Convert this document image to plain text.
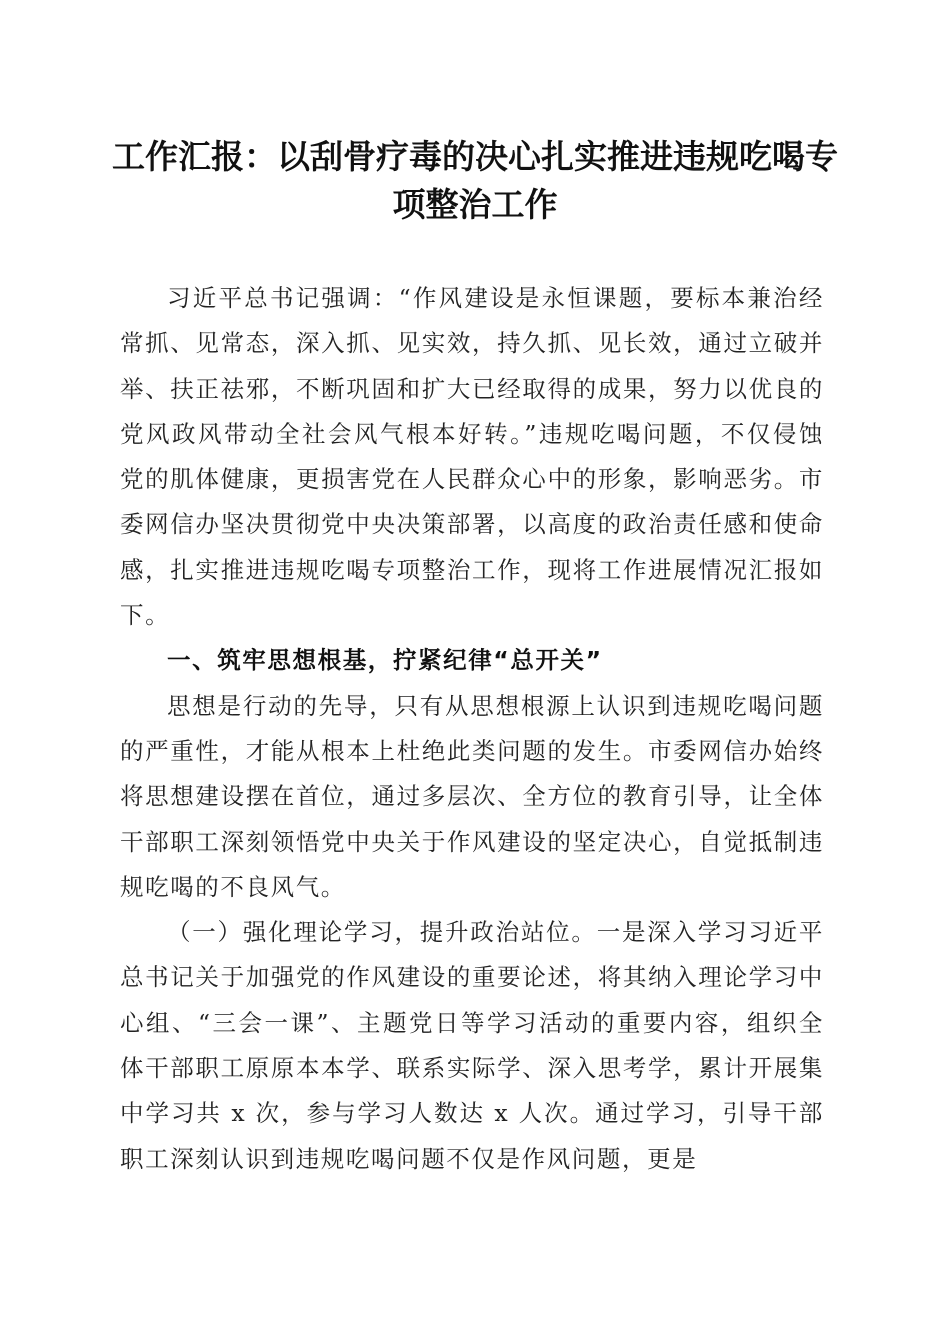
工作汇报：以刮骨疗毒的决心扎实推进违规吃喝专项整治工作

习近平总书记强调：“作风建设是永恒课题，要标本兼治经常抓、见常态，深入抓、见实效，持久抓、见长效，通过立破并举、扶正祛邪，不断巩固和扩大已经取得的成果，努力以优良的党风政风带动全社会风气根本好转。”违规吃喝问题，不仅侵蚀党的肌体健康，更损害党在人民群众心中的形象，影响恶劣。市委网信办坚决贯彻党中央决策部署，以高度的政治责任感和使命感，扎实推进违规吃喝专项整治工作，现将工作进展情况汇报如下。

一、筑牢思想根基，拧紧纪律“总开关”

思想是行动的先导，只有从思想根源上认识到违规吃喝问题的严重性，才能从根本上杜绝此类问题的发生。市委网信办始终将思想建设摆在首位，通过多层次、全方位的教育引导，让全体干部职工深刻领悟党中央关于作风建设的坚定决心，自觉抵制违规吃喝的不良风气。

（一）强化理论学习，提升政治站位。一是深入学习习近平总书记关于加强党的作风建设的重要论述，将其纳入理论学习中心组、“三会一课”、主题党日等学习活动的重要内容，组织全体干部职工原原本本学、联系实际学、深入思考学，累计开展集中学习共 x 次，参与学习人数达 x 人次。通过学习，引导干部职工深刻认识到违规吃喝问题不仅是作风问题，更是
